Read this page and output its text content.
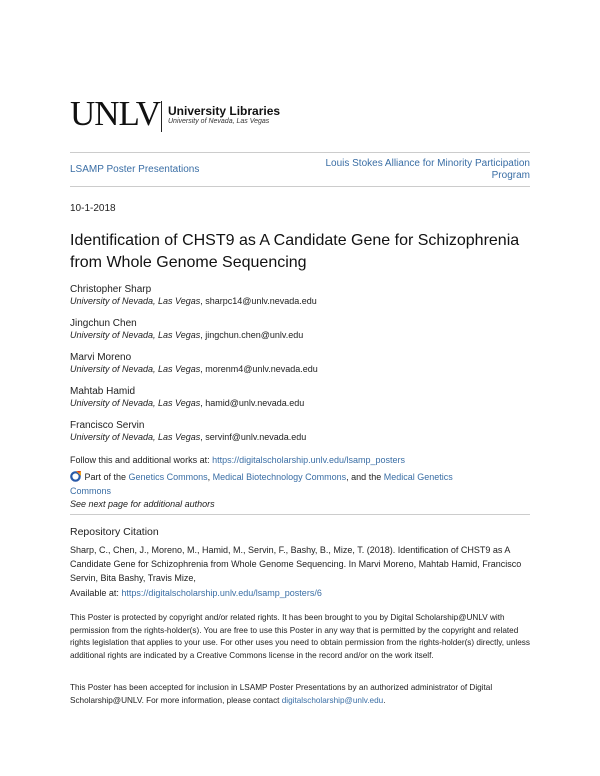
UNLV University Libraries
University of Nevada, Las Vegas
LSAMP Poster Presentations
Louis Stokes Alliance for Minority Participation
Program
10-1-2018
Identification of CHST9 as A Candidate Gene for Schizophrenia from Whole Genome Sequencing
Christopher Sharp
University of Nevada, Las Vegas, sharpc14@unlv.nevada.edu
Jingchun Chen
University of Nevada, Las Vegas, jingchun.chen@unlv.edu
Marvi Moreno
University of Nevada, Las Vegas, morenm4@unlv.nevada.edu
Mahtab Hamid
University of Nevada, Las Vegas, hamid@unlv.nevada.edu
Francisco Servin
University of Nevada, Las Vegas, servinf@unlv.nevada.edu
Follow this and additional works at: https://digitalscholarship.unlv.edu/lsamp_posters
Part of the Genetics Commons, Medical Biotechnology Commons, and the Medical Genetics
Commons
See next page for additional authors
Repository Citation
Sharp, C., Chen, J., Moreno, M., Hamid, M., Servin, F., Bashy, B., Mize, T. (2018). Identification of CHST9 as A Candidate Gene for Schizophrenia from Whole Genome Sequencing. In Marvi Moreno, Mahtab Hamid, Francisco Servin, Bita Bashy, Travis Mize,
Available at: https://digitalscholarship.unlv.edu/lsamp_posters/6
This Poster is protected by copyright and/or related rights. It has been brought to you by Digital Scholarship@UNLV with permission from the rights-holder(s). You are free to use this Poster in any way that is permitted by the copyright and related rights legislation that applies to your use. For other uses you need to obtain permission from the rights-holder(s) directly, unless additional rights are indicated by a Creative Commons license in the record and/or on the work itself.
This Poster has been accepted for inclusion in LSAMP Poster Presentations by an authorized administrator of Digital Scholarship@UNLV. For more information, please contact digitalscholarship@unlv.edu.
